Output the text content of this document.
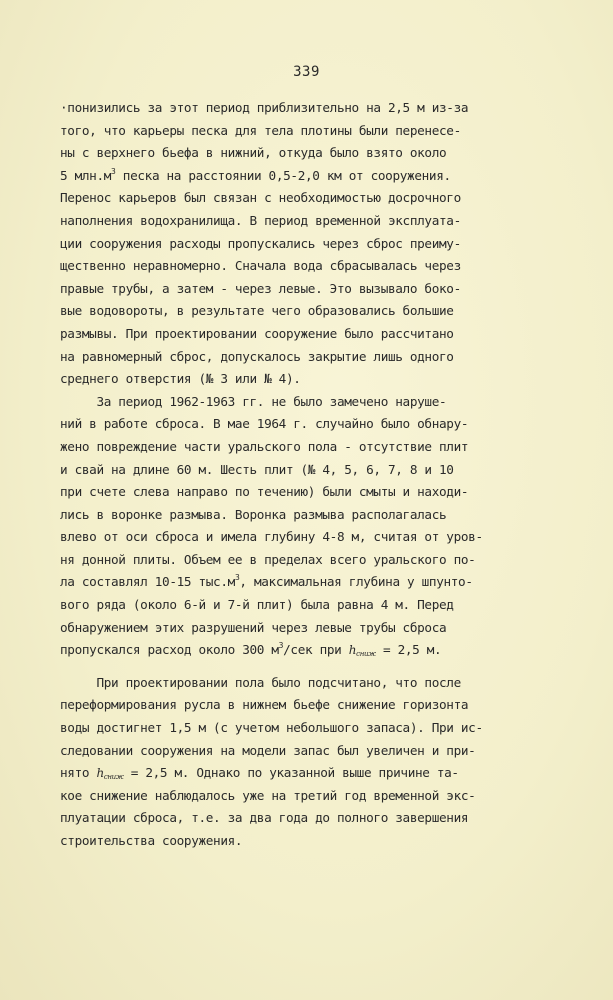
339
·понизились за этот период приблизительно на 2,5 м из-за
того, что карьеры песка для тела плотины были перенесе-
ны с верхнего бьефа в нижний, откуда было взято около
5 $млн.м^3$ песка на расстоянии 0,5-2,0 км от сооружения.
Перенос карьеров был связан с необходимостью досрочного
наполнения водохранилища. В период временной эксплуата-
ции сооружения расходы пропускались через сброс преиму-
щественно неравномерно. Сначала вода сбрасывалась через
правые трубы, а затем - через левые. Это вызывало боко-
вые водовороты, в результате чего образовались большие
размывы. При проектировании сооружение было рассчитано
на равномерный сброс, допускалось закрытие лишь одного
среднего отверстия (№ 3 или № 4).
За период 1962-1963 гг. не было замечено наруше-
ний в работе сброса. В мае 1964 г. случайно было обнару-
жено повреждение части уральского пола - отсутствие плит
и свай на длине 60 м. Шесть плит (№ 4, 5, 6, 7, 8 и 10
при счете слева направо по течению) были смыты и находи-
лись в воронке размыва. Воронка размыва располагалась
влево от оси сброса и имела глубину 4-8 м, считая от уров-
ня донной плиты. Объем ее в пределах всего уральского по-
ла составлял 10-15 $тыс.м^3$, максимальная глубина у шпунто-
вого ряда (около 6-й и 7-й плит) была равна 4 м. Перед
обнаружением этих разрушений через левые трубы сброса
пропускался расход около 300 $м^3$/сек при $h_{сниж} = 2,5$ м.
При проектировании пола было подсчитано, что после
переформирования русла в нижнем бьефе снижение горизонта
воды достигнет 1,5 м (с учетом небольшого запаса). При ис-
следовании сооружения на модели запас был увеличен и при-
нято $h_{сниж} = 2,5$ м. Однако по указанной выше причине та-
кое снижение наблюдалось уже на третий год временной экс-
плуатации сброса, т.е. за два года до полного завершения
строительства сооружения.
